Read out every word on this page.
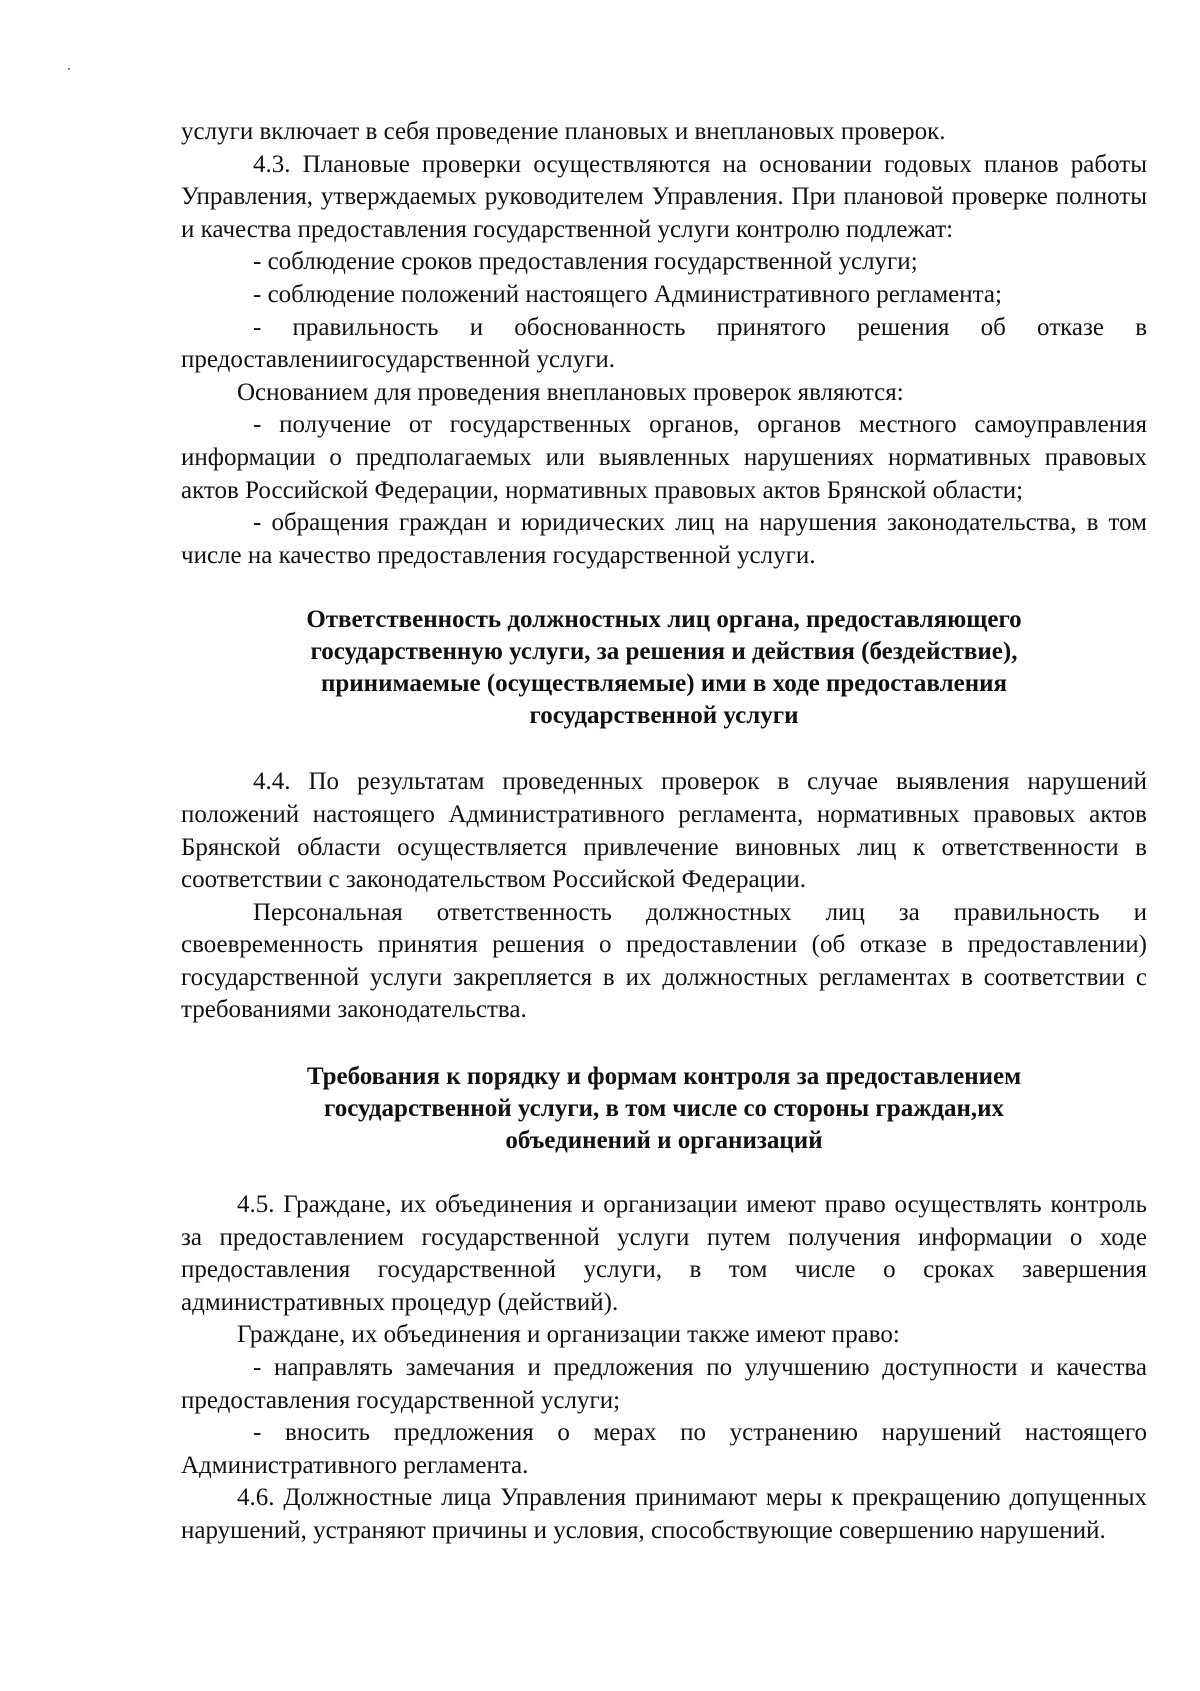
услуги включает в себя проведение плановых и внеплановых проверок.

4.3. Плановые проверки осуществляются на основании годовых планов работы Управления, утверждаемых руководителем Управления. При плановой проверке полноты и качества предоставления государственной услуги контролю подлежат:

- соблюдение сроков предоставления государственной услуги;

- соблюдение положений настоящего Административного регламента;

- правильность и обоснованность принятого решения об отказе в предоставлениигосударственной услуги.

Основанием для проведения внеплановых проверок являются:

- получение от государственных органов, органов местного самоуправления информации о предполагаемых или выявленных нарушениях нормативных правовых актов Российской Федерации, нормативных правовых актов Брянской области;

- обращения граждан и юридических лиц на нарушения законодательства, в том числе на качество предоставления государственной услуги.

Ответственность должностных лиц органа, предоставляющего

государственную услуги, за решения и действия (бездействие),

принимаемые (осуществляемые) ими в ходе предоставления

государственной услуги

4.4. По результатам проведенных проверок в случае выявления нарушений положений настоящего Административного регламента, нормативных правовых актов Брянской области осуществляется привлечение виновных лиц к ответственности в соответствии с законодательством Российской Федерации.

Персональная ответственность должностных лиц за правильность и своевременность принятия решения о предоставлении (об отказе в предоставлении) государственной услуги закрепляется в их должностных регламентах в соответствии с требованиями законодательства.

Требования к порядку и формам контроля за предоставлением

государственной услуги, в том числе со стороны граждан,их

объединений и организаций

4.5. Граждане, их объединения и организации имеют право осуществлять контроль за предоставлением государственной услуги путем получения информации о ходе предоставления государственной услуги, в том числе о сроках завершения административных процедур (действий).

Граждане, их объединения и организации также имеют право:

- направлять замечания и предложения по улучшению доступности и качества предоставления государственной услуги;

- вносить предложения о мерах по устранению нарушений настоящего Административного регламента.

4.6. Должностные лица Управления принимают меры к прекращению допущенных нарушений, устраняют причины и условия, способствующие совершению нарушений.
